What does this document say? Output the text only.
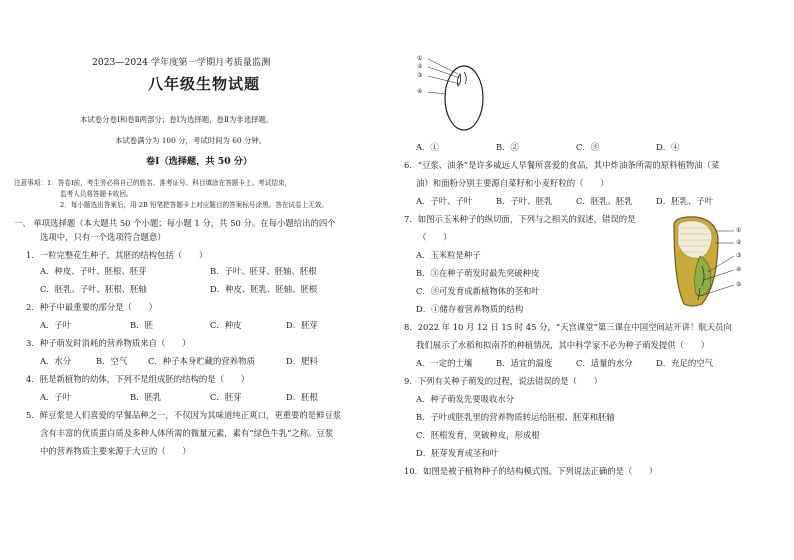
2023—2024 学年度第一学期月考质量监测
八年级生物试题
本试卷分卷Ⅰ和卷Ⅱ两部分；卷Ⅰ为选择题，卷Ⅱ为非选择题。
本试卷满分为 100 分，考试时间为 60 分钟。
卷Ⅰ（选择题，共 50 分）
注意事项：1．答卷Ⅰ前，考生务必将自己的姓名、准考证号、科目填涂在答题卡上。考试结束，
监考人员将答题卡收回。
2．每小题选出答案后，用 2B 铅笔把答题卡上对应题目的答案标号涂黑。答在试卷上无效。
一、 单项选择题（本大题共 50 个小题；每小题 1 分，共 50 分。在每小题给出的四个
选项中，只有一个选项符合题意）
1．一粒完整花生种子，其胚的结构包括（　　）
A．种皮、子叶、胚根、胚芽	B．子叶、胚芽、胚轴、胚根
C．胚乳、子叶、胚根、胚轴	D．种皮、胚乳、胚轴、胚根
2．种子中最重要的部分是（　　）
A．子叶	B．胚	C．种皮	D．胚芽
3．种子萌发时消耗的营养物质来自（　　）
A．水分	B．空气 C．种子本身贮藏的营养物质	D．肥料
4．胚是新植物的幼体，下列不是组成胚的结构的是（　　）
A．子叶	B．胚乳	C．胚芽	D．胚根
5．鲜豆浆是人们喜爱的早餐品种之一，不仅因为其味道纯正爽口，更重要的是鲜豆浆
含有丰富的优质蛋白质及多种人体所需的微量元素，素有“绿色牛乳”之称。豆浆
中的营养物质主要来源于大豆的（　　）
①
②
③
④
A．①	B．②	C．③	D．④
6．“豆浆、油条”是许多威远人早餐所喜爱的食品，其中炸油条所需的原料植物油（菜
油）和面粉分别主要源自菜籽和小麦籽粒的（　　）
A．子叶、子叶	B．子叶、胚乳	C．胚乳、胚乳	D．胚乳、子叶
7．如图示玉米种子的纵切面，下列与之相关的叙述，错误的是
（　　）
A．玉米粒是种子
B．③在种子萌发时最先突破种皮
C．③可发育成新植物体的茎和叶
D．①储存着营养物质的结构
①
②
③
④
⑤
8．2022 年 10 月 12 日 15 时 45 分，“天宫课堂”第三课在中国空间站开讲！航天员向
我们展示了水稻和拟南芥的种植情况，其中科学家不必为种子萌发提供（　　）
A．一定的土壤	B．适宜的温度	C．适量的水分	D．充足的空气
9．下列有关种子萌发的过程，说法错误的是（　　）
A．种子萌发先要吸收水分
B．子叶或胚乳里的营养物质转运给胚根、胚芽和胚轴
C．胚根发育，突破种皮，形成根
D．胚芽发育成茎和叶
10．如图是被子植物种子的结构模式图。下列说法正确的是（　　）
